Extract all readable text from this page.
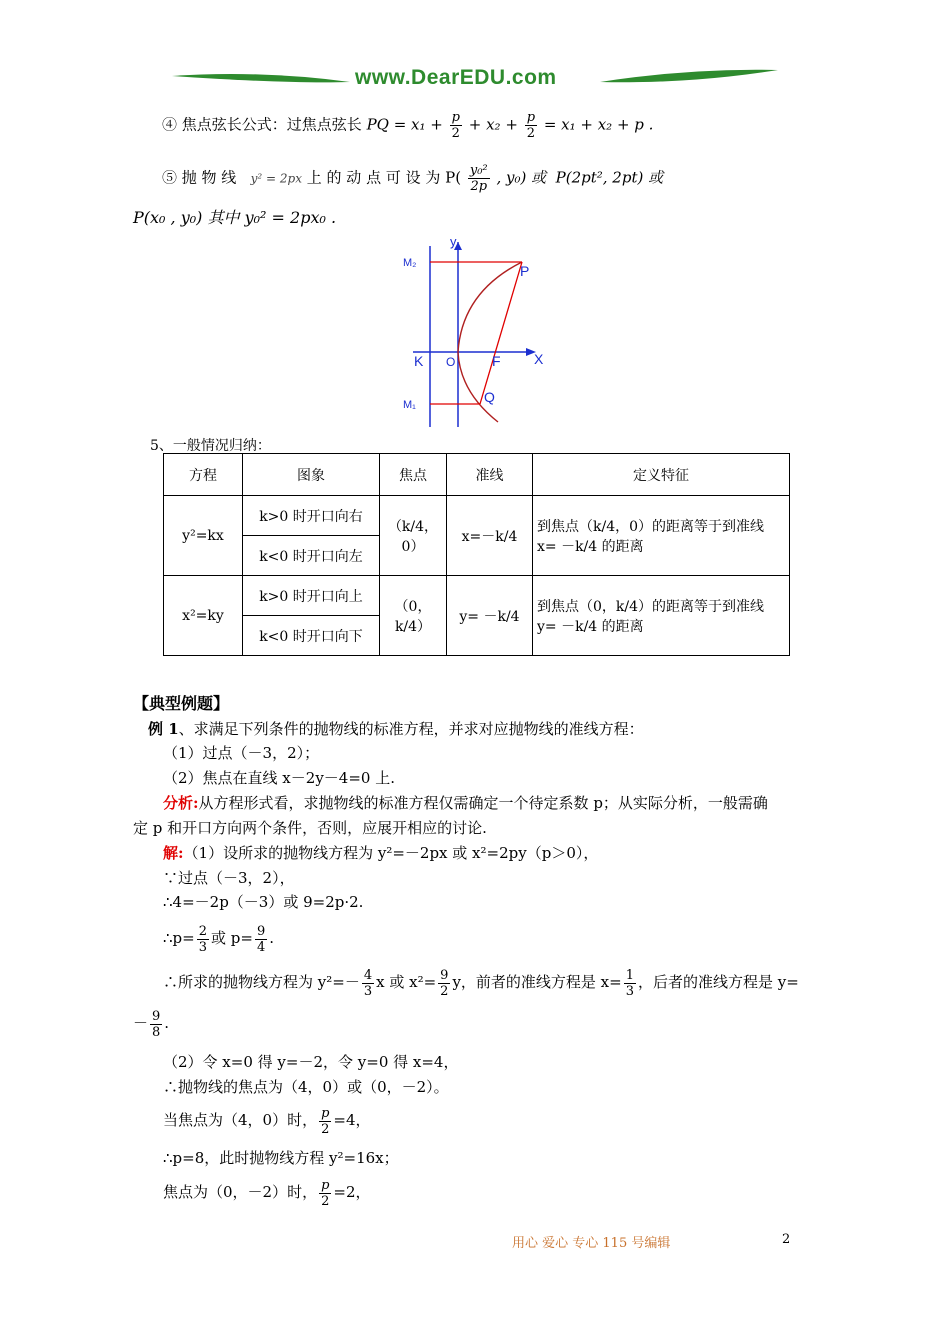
www.DearEDU.com
④ 焦点弦长公式：过焦点弦长 PQ = $x_1 + \frac{p}{2} + x_2 + \frac{p}{2} = x_1 + x_2 + p$ .
⑤ 抛 物 线 y² = 2px 上 的 动 点 可 设 为 $P( \frac{\text{y₀²}}{2p}$ , y₀) 或 P(2pt², 2pt) 或
P(x₀ , y₀) 其中 y₀² = 2px₀ .
y
M₂	P
K O	F X
M₁	Q
5、一般情况归纳：
方程	图象	焦点	准线	定义特征
y²=kx	k>0 时开口向右	（k/4，0）	x=－k/4	到焦点（k/4，0）的距离等于到准线 x= －k/4 的距离
	k<0 时开口向左			
x²=ky	k>0 时开口向上	（0，k/4）	y= －k/4	到焦点（0，k/4）的距离等于到准线 y= －k/4 的距离
	k<0 时开口向下			
【典型例题】
例 1、求满足下列条件的抛物线的标准方程，并求对应抛物线的准线方程：
（1）过点（－3，2）；
（2）焦点在直线 x－2y－4=0 上.
分析:从方程形式看，求抛物线的标准方程仅需确定一个待定系数 p；从实际分析，一般需确
定 p 和开口方向两个条件，否则，应展开相应的讨论.
解:（1）设所求的抛物线方程为 y²=－2px 或 x²=2py（p＞0），
∵过点（－3，2），
∴4=－2p（－3）或 9=2p·2.
∴p= $\frac{2}{3}$ 或 $p= \frac{9}{4}$ .
∴所求的抛物线方程为 $y^2=- \frac{4}{3}$ x 或 $x^2= \frac{9}{2}$ y，前者的准线方程是 $x= \frac{1}{3}$ ，后者的准线方程是 y=
－ $\frac{9}{8}$ .
（2）令 x=0 得 y=－2，令 y=0 得 x=4，
∴抛物线的焦点为（4，0）或（0，－2）。
当焦点为（4，0）时， $\frac{p}{2} =4$，
∴p=8，此时抛物线方程 y²=16x；
焦点为（0，－2）时， $\frac{p}{2} =2$，
用心 爱心 专心 115 号编辑	2
